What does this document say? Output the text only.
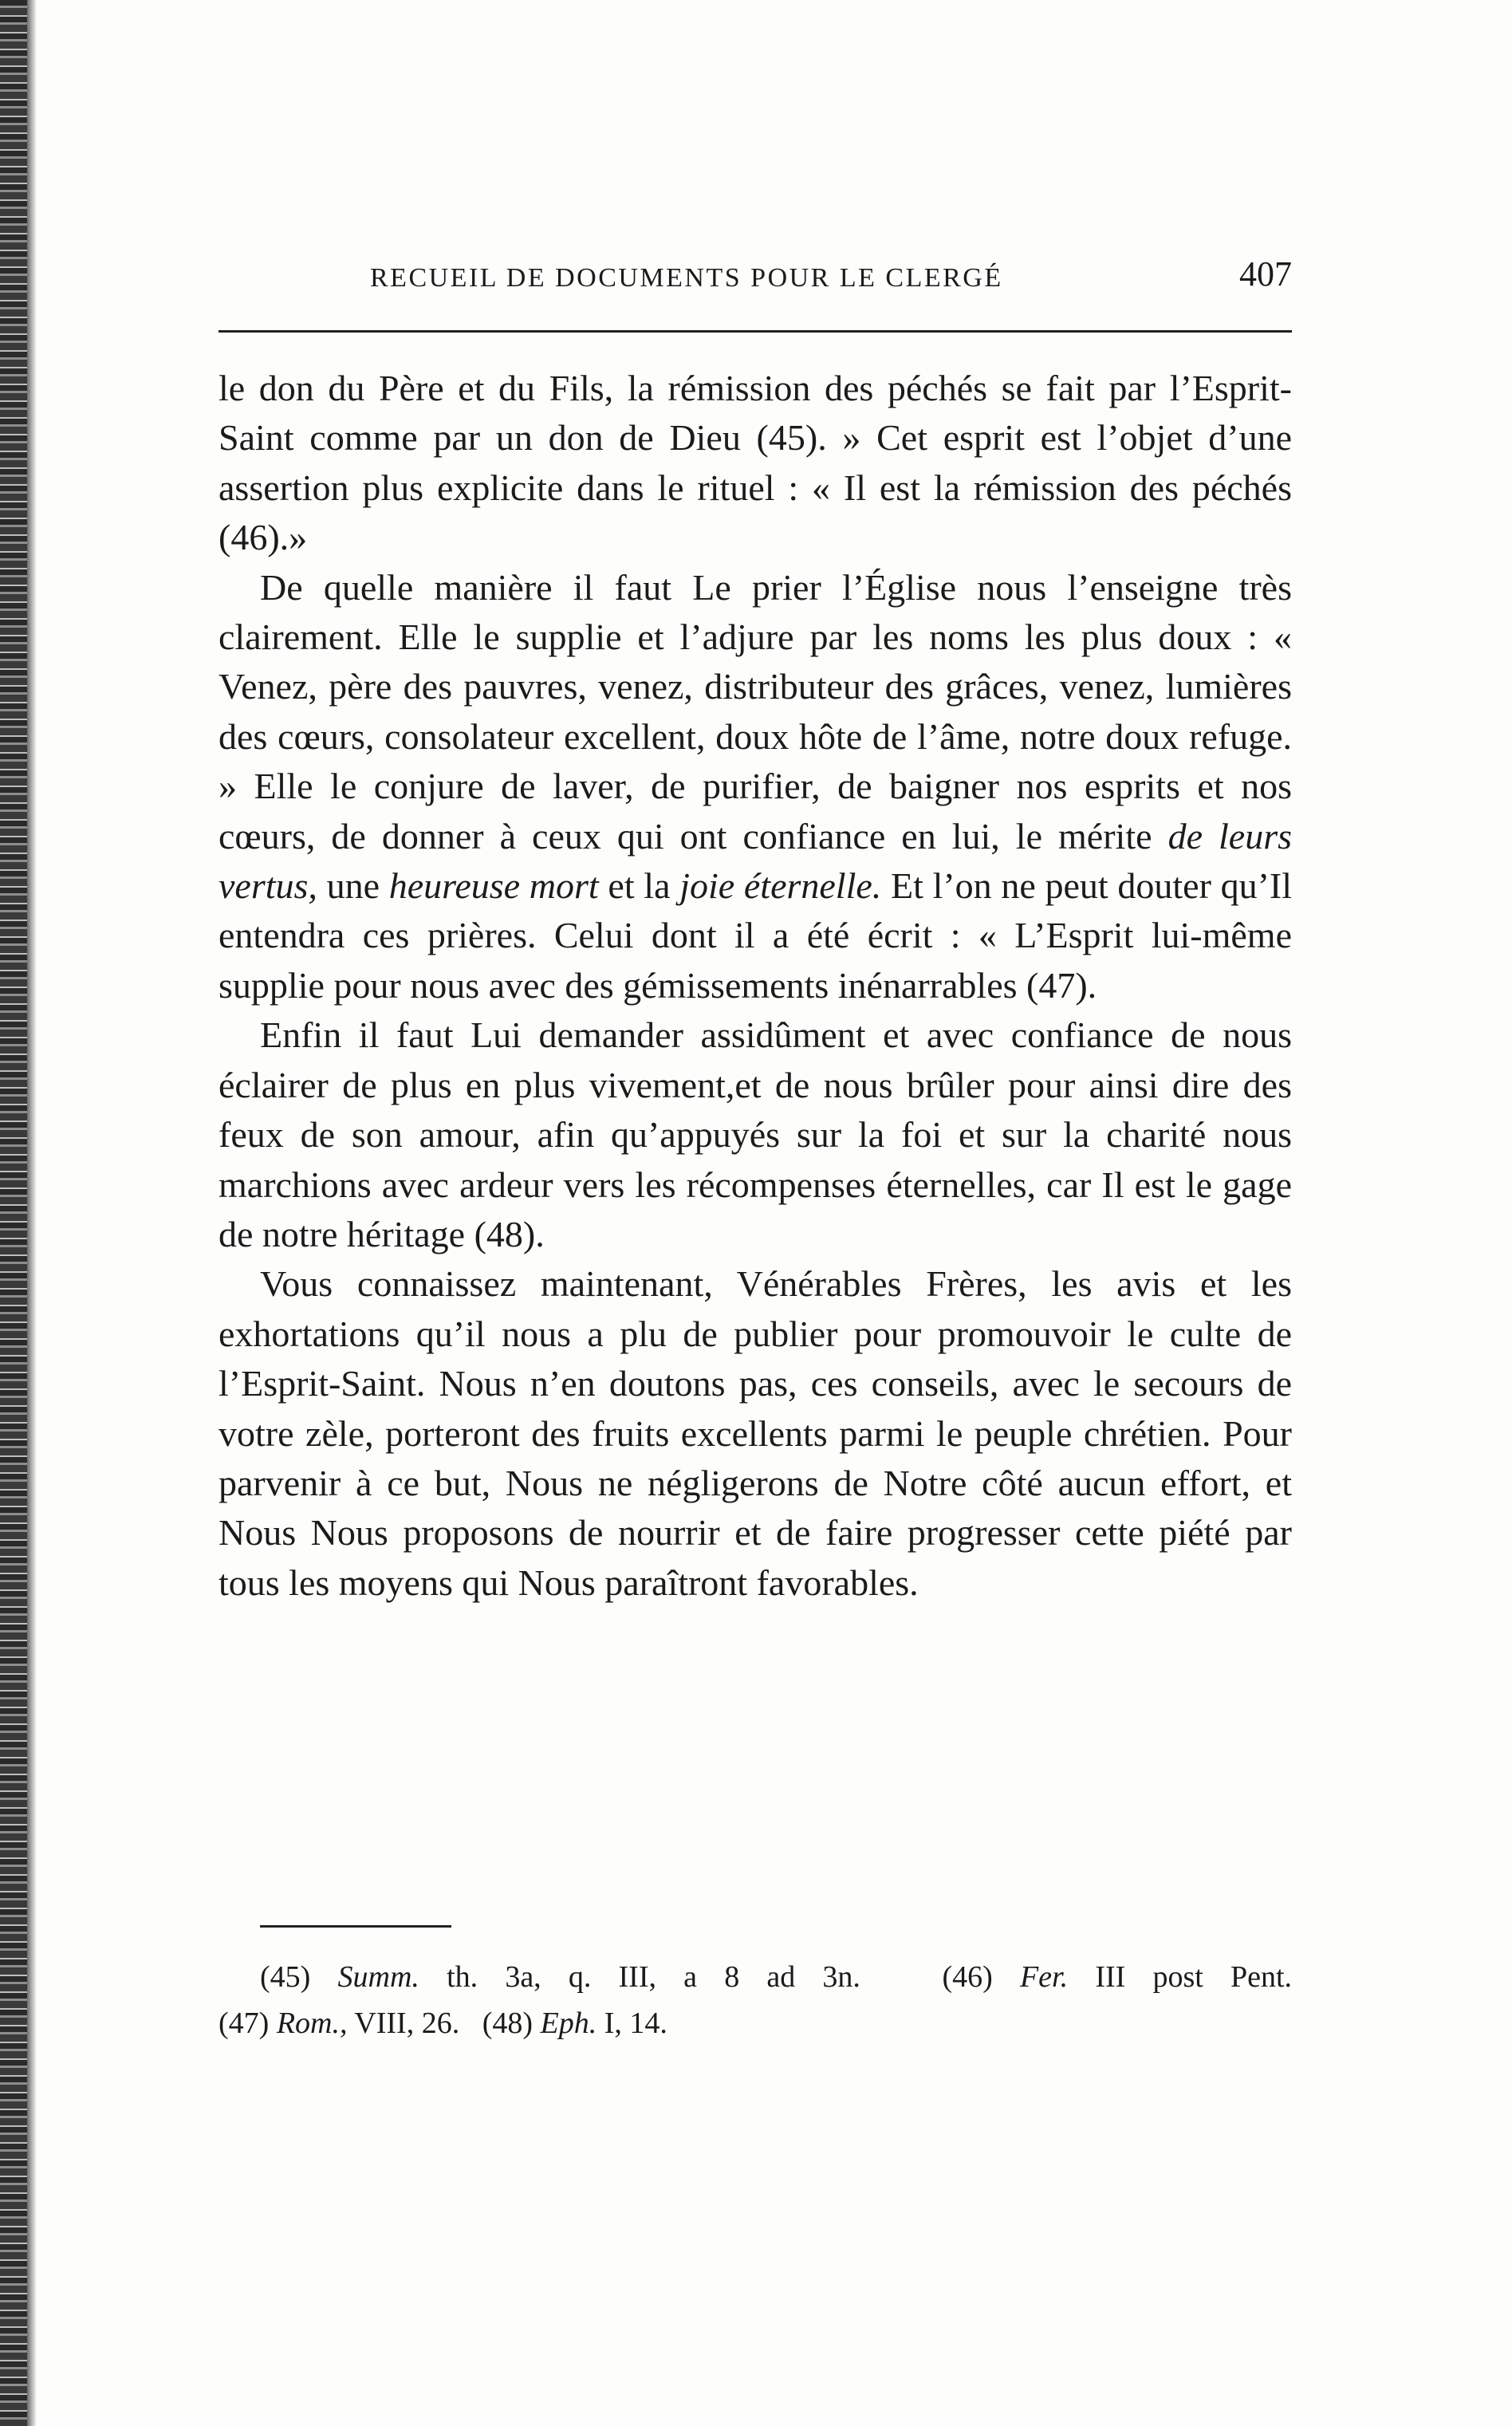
RECUEIL DE DOCUMENTS POUR LE CLERGÉ	407

le don du Père et du Fils, la rémission des péchés se fait par l’Esprit-Saint comme par un don de Dieu (45). » Cet esprit est l’objet d’une assertion plus explicite dans le rituel : « Il est la rémission des péchés (46).»

De quelle manière il faut Le prier l’Église nous l’enseigne très clairement. Elle le supplie et l’adjure par les noms les plus doux : « Venez, père des pauvres, venez, distributeur des grâces, venez, lumières des cœurs, consolateur excellent, doux hôte de l’âme, notre doux refuge. » Elle le conjure de laver, de purifier, de baigner nos esprits et nos cœurs, de donner à ceux qui ont confiance en lui, le mérite de leurs vertus, une heureuse mort et la joie éternelle. Et l’on ne peut douter qu’Il entendra ces prières. Celui dont il a été écrit : « L’Esprit lui-même supplie pour nous avec des gémissements inénarrables (47).

Enfin il faut Lui demander assidûment et avec confiance de nous éclairer de plus en plus vivement,et de nous brûler pour ainsi dire des feux de son amour, afin qu’appuyés sur la foi et sur la charité nous marchions avec ardeur vers les récompenses éternelles, car Il est le gage de notre héritage (48).

Vous connaissez maintenant, Vénérables Frères, les avis et les exhortations qu’il nous a plu de publier pour promouvoir le culte de l’Esprit-Saint. Nous n’en doutons pas, ces conseils, avec le secours de votre zèle, porteront des fruits excellents parmi le peuple chrétien. Pour parvenir à ce but, Nous ne négligerons de Notre côté aucun effort, et Nous Nous proposons de nourrir et de faire progresser cette piété par tous les moyens qui Nous paraîtront favorables.

(45) Summ. th. 3a, q. III, a 8 ad 3n.	(46) Fer. III post Pent.

(47) Rom., VIII, 26. (48) Eph. I, 14.
